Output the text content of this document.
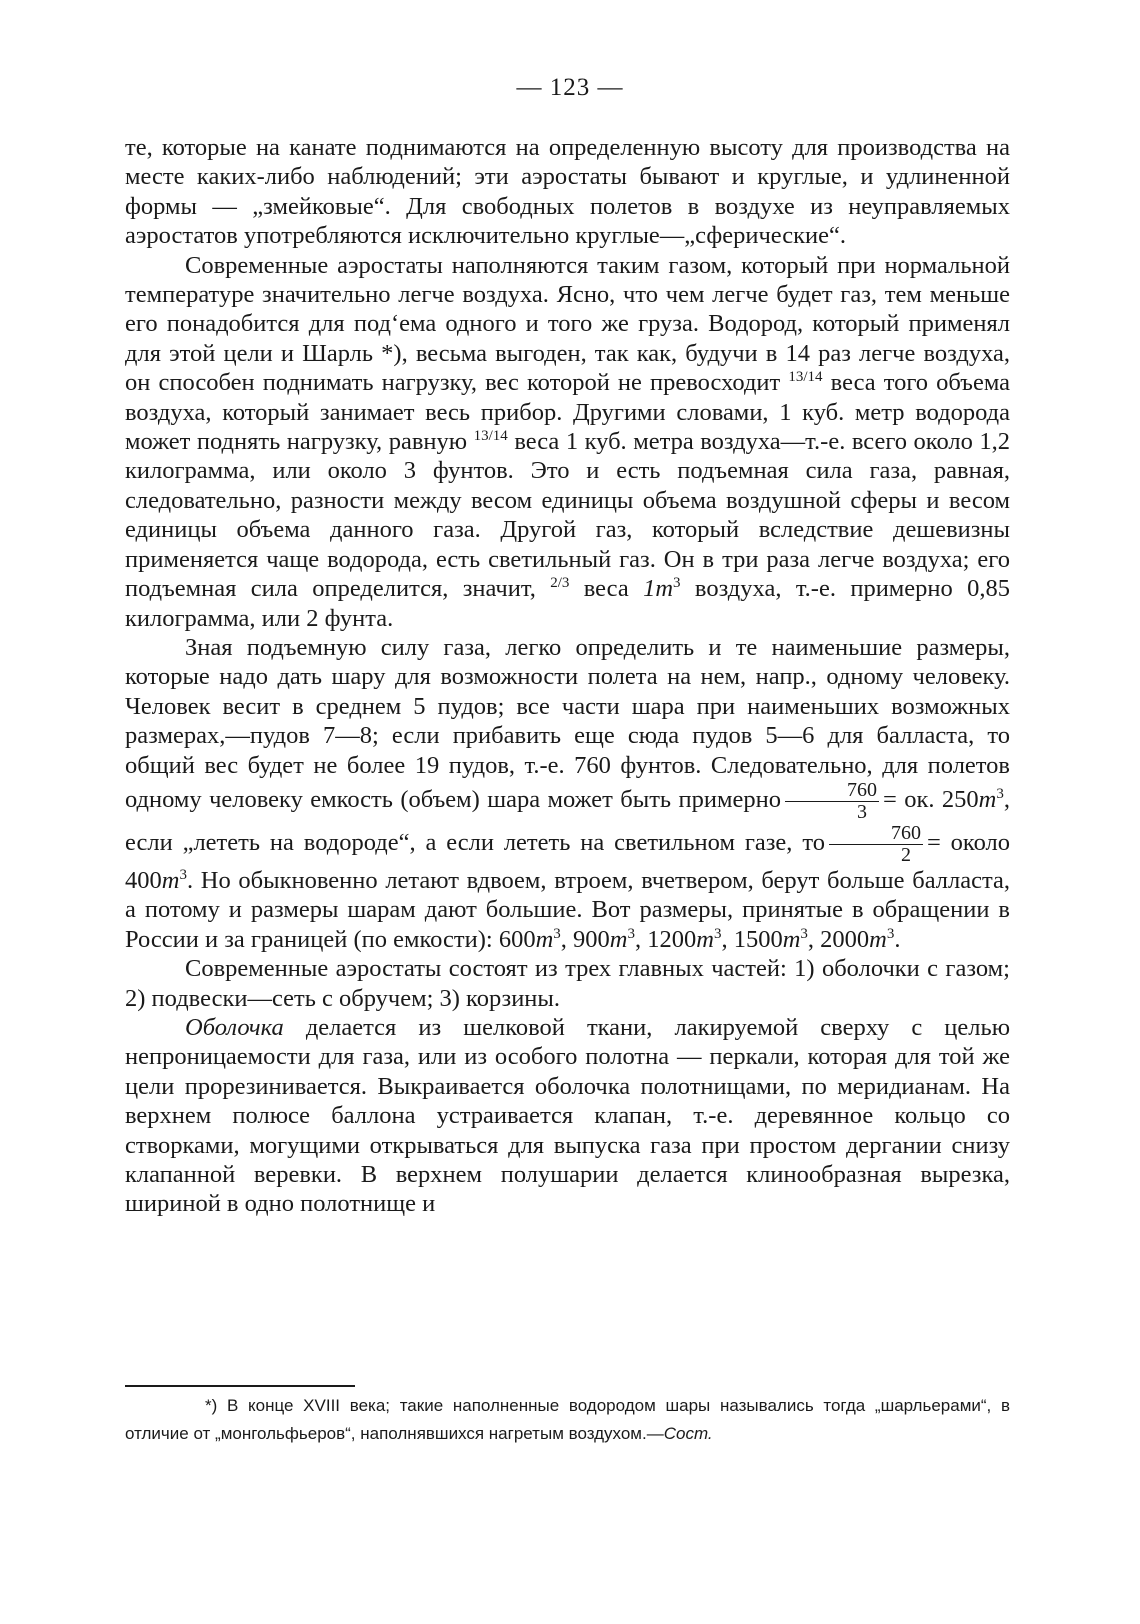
— 123 —

те, которые на канате поднимаются на определенную высоту для производства на месте каких-либо наблюдений; эти аэростаты бывают и круглые, и удлиненной формы — „змейковые“. Для свободных полетов в воздухе из неуправляемых аэростатов употребляются исключительно круглые—„сферические“.

Современные аэростаты наполняются таким газом, который при нормальной температуре значительно легче воздуха. Ясно, что чем легче будет газ, тем меньше его понадобится для под‘ема одного и того же груза. Водород, который применял для этой цели и Шарль *), весьма выгоден, так как, будучи в 14 раз легче воздуха, он способен поднимать нагрузку, вес которой не превосходит $^{13/14}$ веса того объема воздуха, который занимает весь прибор. Другими словами, 1 куб. метр водорода может поднять нагрузку, равную $^{13/14}$ веса 1 куб. метра воздуха—т.-е. всего около 1,2 килограмма, или около 3 фунтов. Это и есть подъемная сила газа, равная, следовательно, разности между весом единицы объема воздушной сферы и весом единицы объема данного газа. Другой газ, который вследствие дешевизны применяется чаще водорода, есть светильный газ. Он в три раза легче воздуха; его подъемная сила определится, значит, $^{2/3}$ веса $1m^3$ воздуха, т.-е. примерно 0,85 килограмма, или 2 фунта.

Зная подъемную силу газа, легко определить и те наименьшие размеры, которые надо дать шару для возможности полета на нем, напр., одному человеку. Человек весит в среднем 5 пудов; все части шара при наименьших возможных размерах,—пудов 7—8; если прибавить еще сюда пудов 5—6 для балласта, то общий вес будет не более 19 пудов, т.-е. 760 фунтов. Следовательно, для полетов одному человеку емкость (объем) шара может быть примерно $\frac{760}{3}$ = ок. $250m^3$, если „лететь на водороде“, а если лететь на светильном газе, то $\frac{760}{2}$ = около $400m^3$. Но обыкновенно летают вдвоем, втроем, вчетвером, берут больше балласта, а потому и размеры шарам дают большие. Вот размеры, принятые в обращении в России и за границей (по емкости): $600m^3$, $900m^3$, $1200m^3$, $1500m^3$, $2000m^3$.

Современные аэростаты состоят из трех главных частей: 1) оболочки с газом; 2) подвески—сеть с обручем; 3) корзины.

Оболочка делается из шелковой ткани, лакируемой сверху с целью непроницаемости для газа, или из особого полотна — перкали, которая для той же цели прорезинивается. Выкраивается оболочка полотнищами, по меридианам. На верхнем полюсе баллона устраивается клапан, т.-е. деревянное кольцо со створками, могущими открываться для выпуска газа при простом дергании снизу клапанной веревки. В верхнем полушарии делается клинообразная вырезка, шириной в одно полотнище и

*) В конце XVIII века; такие наполненные водородом шары назывались тогда „шарльерами“, в отличие от „монгольфьеров“, наполнявшихся нагретым воздухом.—Сост.
